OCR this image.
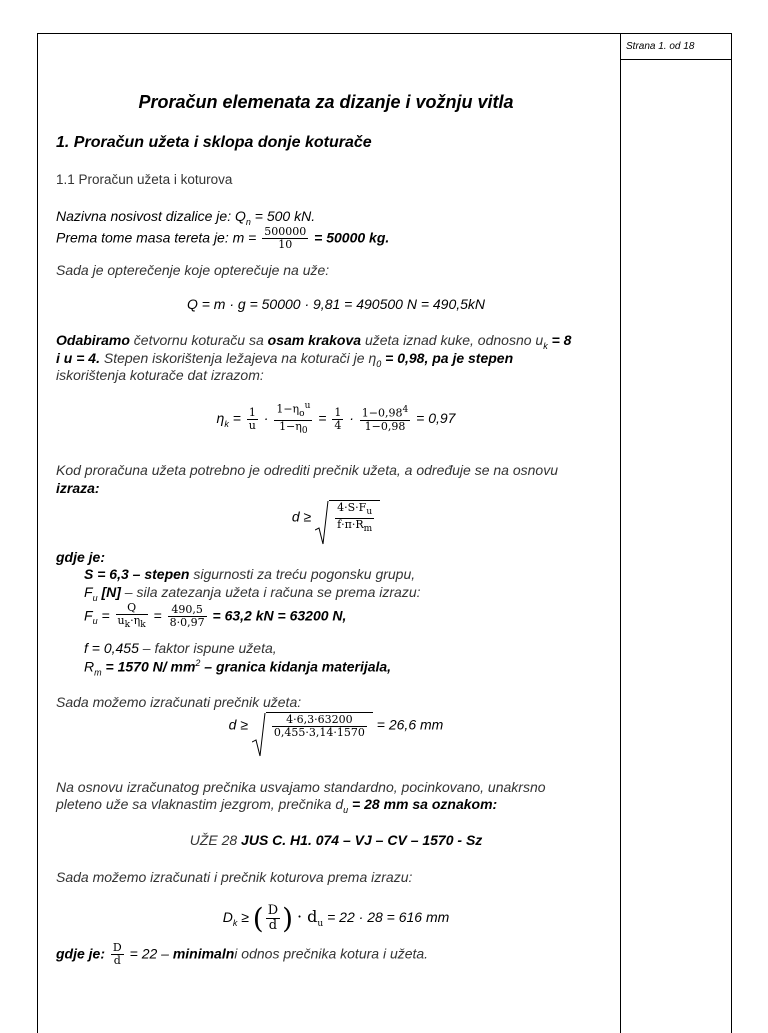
Strana 1. od 18
Proračun elemenata za dizanje i vožnju vitla
1. Proračun užeta i sklopa donje koturače
1.1 Proračun užeta i koturova
Nazivna nosivost dizalice je: $Q_n = 500$ kN.
Prema tome masa tereta je: $m = \frac{500000}{10} = 50000$ kg.
Sada je opterečenje koje opterečuje na uže:
Q = m · g = 50000 · 9,81 = 490500 N = 490,5kN
Odabiramo četvornu koturaču sa osam krakova užeta iznad kuke, odnosno $u_k = 8$
i u = 4. Stepen iskorištenja ležajeva na koturači je $\eta_0 = 0,98$, pa je stepen
iskorištenja koturače dat izrazom:
$\eta_k = \frac{1}{u} \cdot \frac{1-\eta_o^u}{1-\eta_0} = \frac{1}{4} \cdot \frac{1-0,98^4}{1-0,98} = 0,97$
Kod proračuna užeta potrebno je odrediti prečnik užeta, a određuje se na osnovu
izraza:
$d \ge \frac{4\cdot S\cdot F_u}{f\cdot\pi\cdot R_m}$
gdje je:
S = 6,3 – stepen sigurnosti za treću pogonsku grupu,
$F_u$ [N] – sila zatezanja užeta i računa se prema izrazu:
$F_u = \frac{Q}{u_k\cdot\eta_k} = \frac{490,5}{8\cdot 0,97} = 63,2$ kN = 63200 N,
f = 0,455 – faktor ispune užeta,
$R_m = 1570$ N/ $mm^2$ – granica kidanja materijala,
Sada možemo izračunati prečnik užeta:
$d \ge \frac{4\cdot 6,3\cdot 63200}{0,455\cdot 3,14\cdot 1570} = 26,6$ mm
Na osnovu izračunatog prečnika usvajamo standardno, pocinkovano, unakrsno
pleteno uže sa vlaknastim jezgrom, prečnika $d_u = 28$ mm sa oznakom:
UŽE 28 JUS C. H1. 074 – VJ – CV – 1570 - Sz
Sada možemo izračunati i prečnik koturova prema izrazu:
$D_k$ ≥ ( $\frac{D}{d}$ ) · $d_u = 22 \cdot 28 = 616$ mm
gdje je: $\frac{D}{d} = 22$ – minimalni odnos prečnika kotura i užeta.
